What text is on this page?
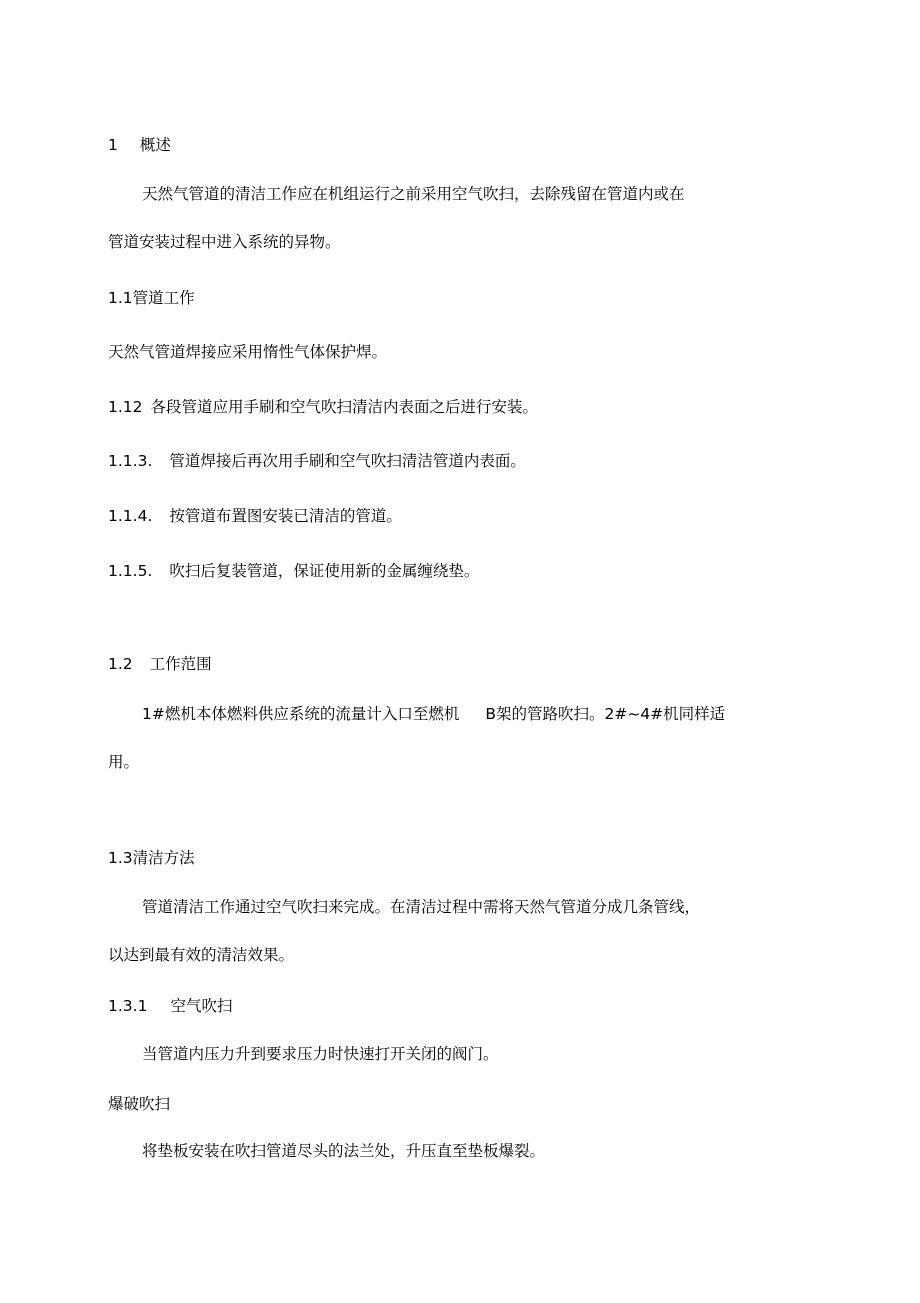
1 概述

天然气管道的清洁工作应在机组运行之前采用空气吹扫，去除残留在管道内或在

管道安装过程中进入系统的异物。

1.1管道工作

天然气管道焊接应采用惰性气体保护焊。

1.12 各段管道应用手刷和空气吹扫清洁内表面之后进行安装。

1.1.3. 管道焊接后再次用手刷和空气吹扫清洁管道内表面。

1.1.4. 按管道布置图安装已清洁的管道。

1.1.5. 吹扫后复装管道，保证使用新的金属缠绕垫。

1.2 工作范围

1#燃机本体燃料供应系统的流量计入口至燃机 B架的管路吹扫。2#~4#机同样适

用。

1.3清洁方法

管道清洁工作通过空气吹扫来完成。在清洁过程中需将天然气管道分成几条管线，

以达到最有效的清洁效果。

1.3.1 空气吹扫

当管道内压力升到要求压力时快速打开关闭的阀门。

爆破吹扫

将垫板安装在吹扫管道尽头的法兰处，升压直至垫板爆裂。
